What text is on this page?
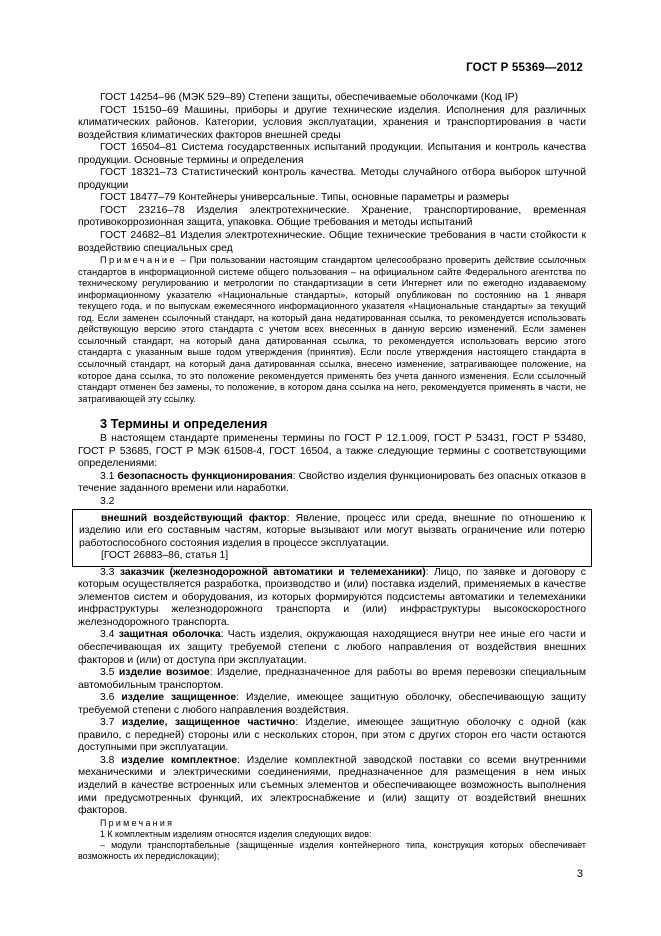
ГОСТ Р 55369—2012

ГОСТ 14254–96 (МЭК 529–89) Степени защиты, обеспечиваемые оболочками (Код IP)

ГОСТ 15150–69 Машины, приборы и другие технические изделия. Исполнения для различных климатических районов. Категории, условия эксплуатации, хранения и транспортирования в части воздействия климатических факторов внешней среды

ГОСТ 16504–81 Система государственных испытаний продукции. Испытания и контроль качества продукции. Основные термины и определения

ГОСТ 18321–73 Статистический контроль качества. Методы случайного отбора выборок штучной продукции

ГОСТ 18477–79 Контейнеры универсальные. Типы, основные параметры и размеры

ГОСТ 23216–78 Изделия электротехнические. Хранение, транспортирование, временная противокоррозионная защита, упаковка. Общие требования и методы испытаний

ГОСТ 24682–81 Изделия электротехнические. Общие технические требования в части стойкости к воздействию специальных сред

Примечание – При пользовании настоящим стандартом целесообразно проверить действие ссылочных стандартов в информационной системе общего пользования – на официальном сайте Федерального агентства по техническому регулированию и метрологии по стандартизации в сети Интернет или по ежегодно издаваемому информационному указателю «Национальные стандарты», который опубликован по состоянию на 1 января текущего года, и по выпускам ежемесячного информационного указателя «Национальные стандарты» за текущий год. Если заменен ссылочный стандарт, на который дана недатированная ссылка, то рекомендуется использовать действующую версию этого стандарта с учетом всех внесенных в данную версию изменений. Если заменен ссылочный стандарт, на который дана датированная ссылка, то рекомендуется использовать версию этого стандарта с указанным выше годом утверждения (принятия). Если после утверждения настоящего стандарта в ссылочный стандарт, на который дана датированная ссылка, внесено изменение, затрагивающее положение, на которое дана ссылка, то это положение рекомендуется применять без учета данного изменения. Если ссылочный стандарт отменен без замены, то положение, в котором дана ссылка на него, рекомендуется применять в части, не затрагивающей эту ссылку.

3 Термины и определения

В настоящем стандарте применены термины по ГОСТ Р 12.1.009, ГОСТ Р 53431, ГОСТ Р 53480, ГОСТ Р 53685, ГОСТ Р МЭК 61508-4, ГОСТ 16504, а также следующие термины с соответствующими определениями:

3.1 безопасность функционирования: Свойство изделия функционировать без опасных отказов в течение заданного времени или наработки.

3.2

внешний воздействующий фактор: Явление, процесс или среда, внешние по отношению к изделию или его составным частям, которые вызывают или могут вызвать ограничение или потерю работоспособного состояния изделия в процессе эксплуатации.

[ГОСТ 26883–86, статья 1]

3.3 заказчик (железнодорожной автоматики и телемеханики): Лицо, по заявке и договору с которым осуществляется разработка, производство и (или) поставка изделий, применяемых в качестве элементов систем и оборудования, из которых формируются подсистемы автоматики и телемеханики инфраструктуры железнодорожного транспорта и (или) инфраструктуры высокоскоростного железнодорожного транспорта.

3.4 защитная оболочка: Часть изделия, окружающая находящиеся внутри нее иные его части и обеспечивающая их защиту требуемой степени с любого направления от воздействия внешних факторов и (или) от доступа при эксплуатации.

3.5 изделие возимое: Изделие, предназначенное для работы во время перевозки специальным автомобильным транспортом.

3.6 изделие защищенное: Изделие, имеющее защитную оболочку, обеспечивающую защиту требуемой степени с любого направления воздействия.

3.7 изделие, защищенное частично: Изделие, имеющее защитную оболочку с одной (как правило, с передней) стороны или с нескольких сторон, при этом с других сторон его части остаются доступными при эксплуатации.

3.8 изделие комплектное: Изделие комплектной заводской поставки со всеми внутренними механическими и электрическими соединениями, предназначенное для размещения в нем иных изделий в качестве встроенных или съемных элементов и обеспечивающее возможность выполнения ими предусмотренных функций, их электроснабжение и (или) защиту от воздействий внешних факторов.

Примечания

1 К комплектным изделиям относятся изделия следующих видов:

– модули транспортабельные (защищенные изделия контейнерного типа, конструкция которых обеспечивает возможность их передислокации);

3
